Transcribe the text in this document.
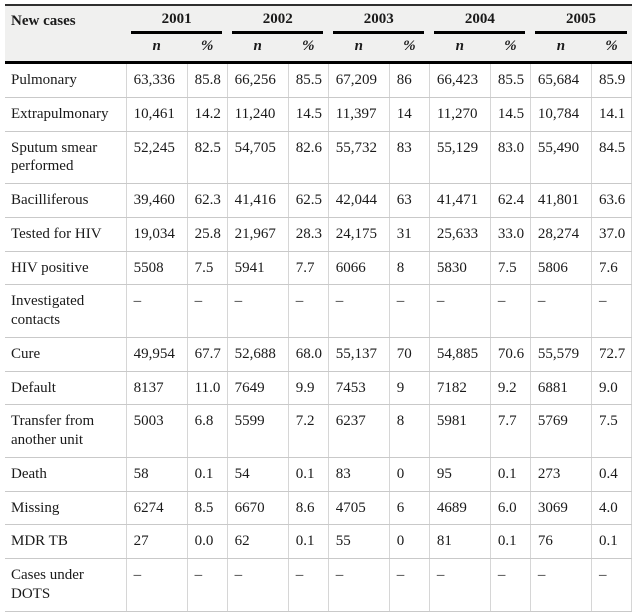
New cases	2001		2002		2003		2004		2005	

	n	%	n	%	n	%	n	%	n	%
Pulmonary	63,336	85.8	66,256	85.5	67,209	86	66,423	85.5	65,684	85.9
Extrapulmonary	10,461	14.2	11,240	14.5	11,397	14	11,270	14.5	10,784	14.1
Sputum smear performed	52,245	82.5	54,705	82.6	55,732	83	55,129	83.0	55,490	84.5
Bacilliferous	39,460	62.3	41,416	62.5	42,044	63	41,471	62.4	41,801	63.6
Tested for HIV	19,034	25.8	21,967	28.3	24,175	31	25,633	33.0	28,274	37.0
HIV positive	5508	7.5	5941	7.7	6066	8	5830	7.5	5806	7.6
Investigated contacts	–	–	–	–	–	–	–	–	–	–
Cure	49,954	67.7	52,688	68.0	55,137	70	54,885	70.6	55,579	72.7
Default	8137	11.0	7649	9.9	7453	9	7182	9.2	6881	9.0
Transfer from another unit	5003	6.8	5599	7.2	6237	8	5981	7.7	5769	7.5
Death	58	0.1	54	0.1	83	0	95	0.1	273	0.4
Missing	6274	8.5	6670	8.6	4705	6	4689	6.0	3069	4.0
MDR TB	27	0.0	62	0.1	55	0	81	0.1	76	0.1
Cases under DOTS	–	–	–	–	–	–	–	–	–	–
